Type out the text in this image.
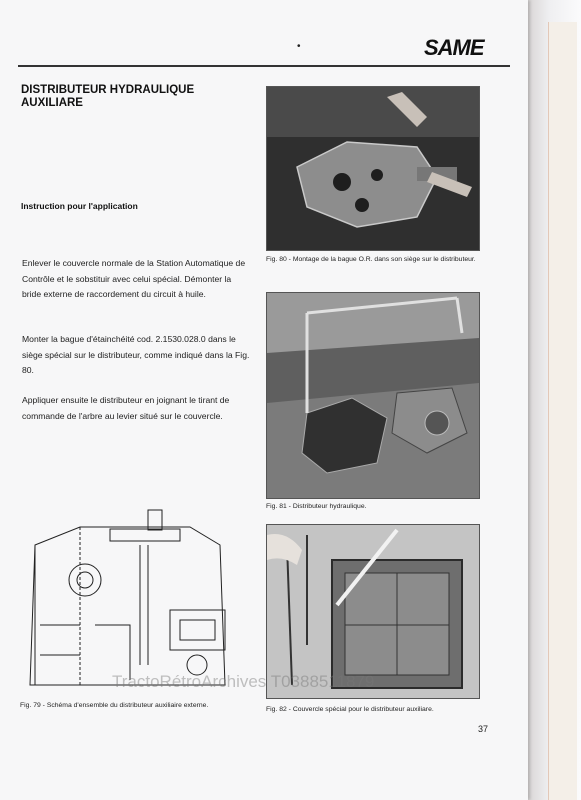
SAME
•
DISTRIBUTEUR HYDRAULIQUE
AUXILIARE
Instruction pour l'application

Enlever le couvercle normale de la Station Automatique de Contrôle et le sobstituir avec celui spécial. Démonter la bride externe de raccordement du circuit à huile.

Monter la bague d'étainchéité cod. 2.1530.028.0 dans le siège spécial sur le distributeur, comme indiqué dans la Fig. 80.

Appliquer ensuite le distributeur en joignant le tirant de commande de l'arbre au levier situé sur le couvercle.

Fig. 80 - Montage de la bague O.R. dans son siège sur le distributeur.

Fig. 81 - Distributeur hydraulique.

Fig. 79 - Schéma d'ensemble du distributeur auxiliaire externe.

Fig. 82 - Couvercle spécial pour le distributeur auxiliare.

TractoRétroArchives T0388511879
37
